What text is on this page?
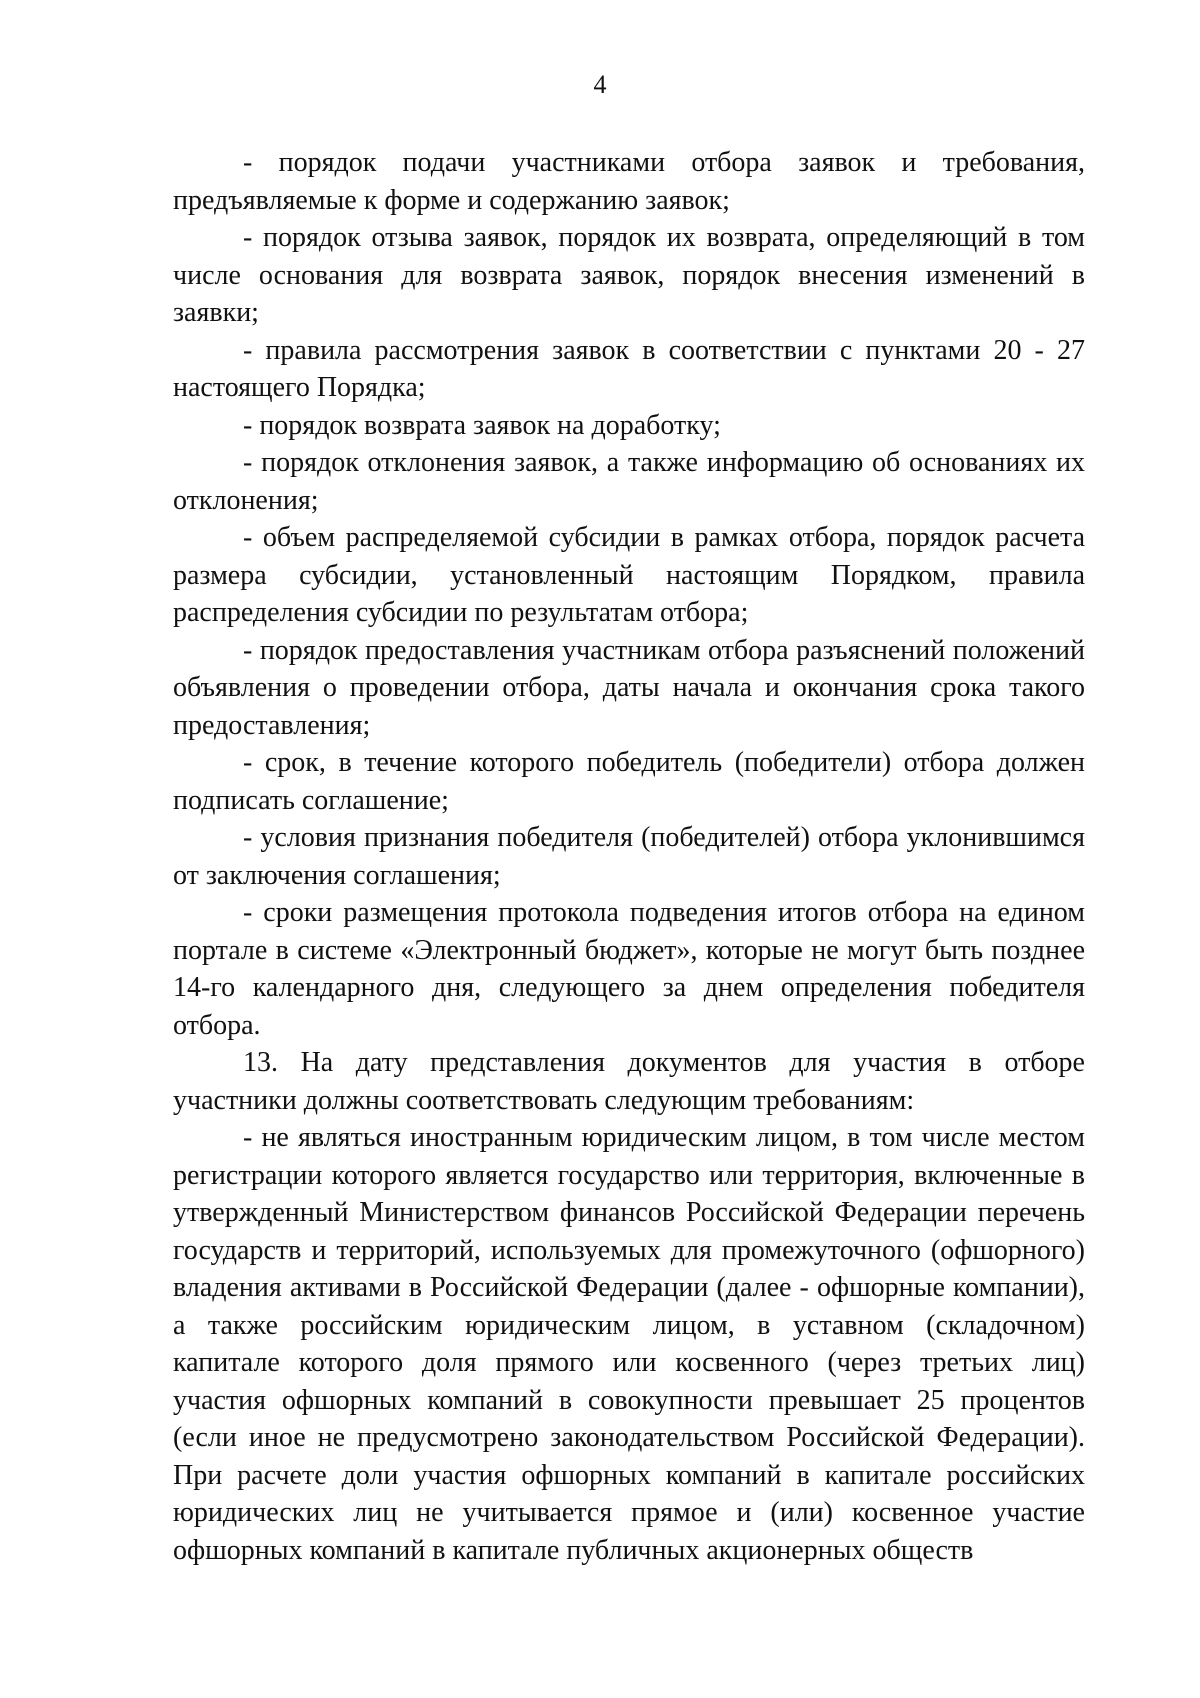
4

- порядок подачи участниками отбора заявок и требования, предъявляемые к форме и содержанию заявок;

- порядок отзыва заявок, порядок их возврата, определяющий в том числе основания для возврата заявок, порядок внесения изменений в заявки;

- правила рассмотрения заявок в соответствии с пунктами 20 - 27 настоящего Порядка;

- порядок возврата заявок на доработку;

- порядок отклонения заявок, а также информацию об основаниях их отклонения;

- объем распределяемой субсидии в рамках отбора, порядок расчета размера субсидии, установленный настоящим Порядком, правила распределения субсидии по результатам отбора;

- порядок предоставления участникам отбора разъяснений положений объявления о проведении отбора, даты начала и окончания срока такого предоставления;

- срок, в течение которого победитель (победители) отбора должен подписать соглашение;

- условия признания победителя (победителей) отбора уклонившимся от заключения соглашения;

- сроки размещения протокола подведения итогов отбора на едином портале в системе «Электронный бюджет», которые не могут быть позднее 14-го календарного дня, следующего за днем определения победителя отбора.

13. На дату представления документов для участия в отборе участники должны соответствовать следующим требованиям:

- не являться иностранным юридическим лицом, в том числе местом регистрации которого является государство или территория, включенные в утвержденный Министерством финансов Российской Федерации перечень государств и территорий, используемых для промежуточного (офшорного) владения активами в Российской Федерации (далее - офшорные компании), а также российским юридическим лицом, в уставном (складочном) капитале которого доля прямого или косвенного (через третьих лиц) участия офшорных компаний в совокупности превышает 25 процентов (если иное не предусмотрено законодательством Российской Федерации). При расчете доли участия офшорных компаний в капитале российских юридических лиц не учитывается прямое и (или) косвенное участие офшорных компаний в капитале публичных акционерных обществ
